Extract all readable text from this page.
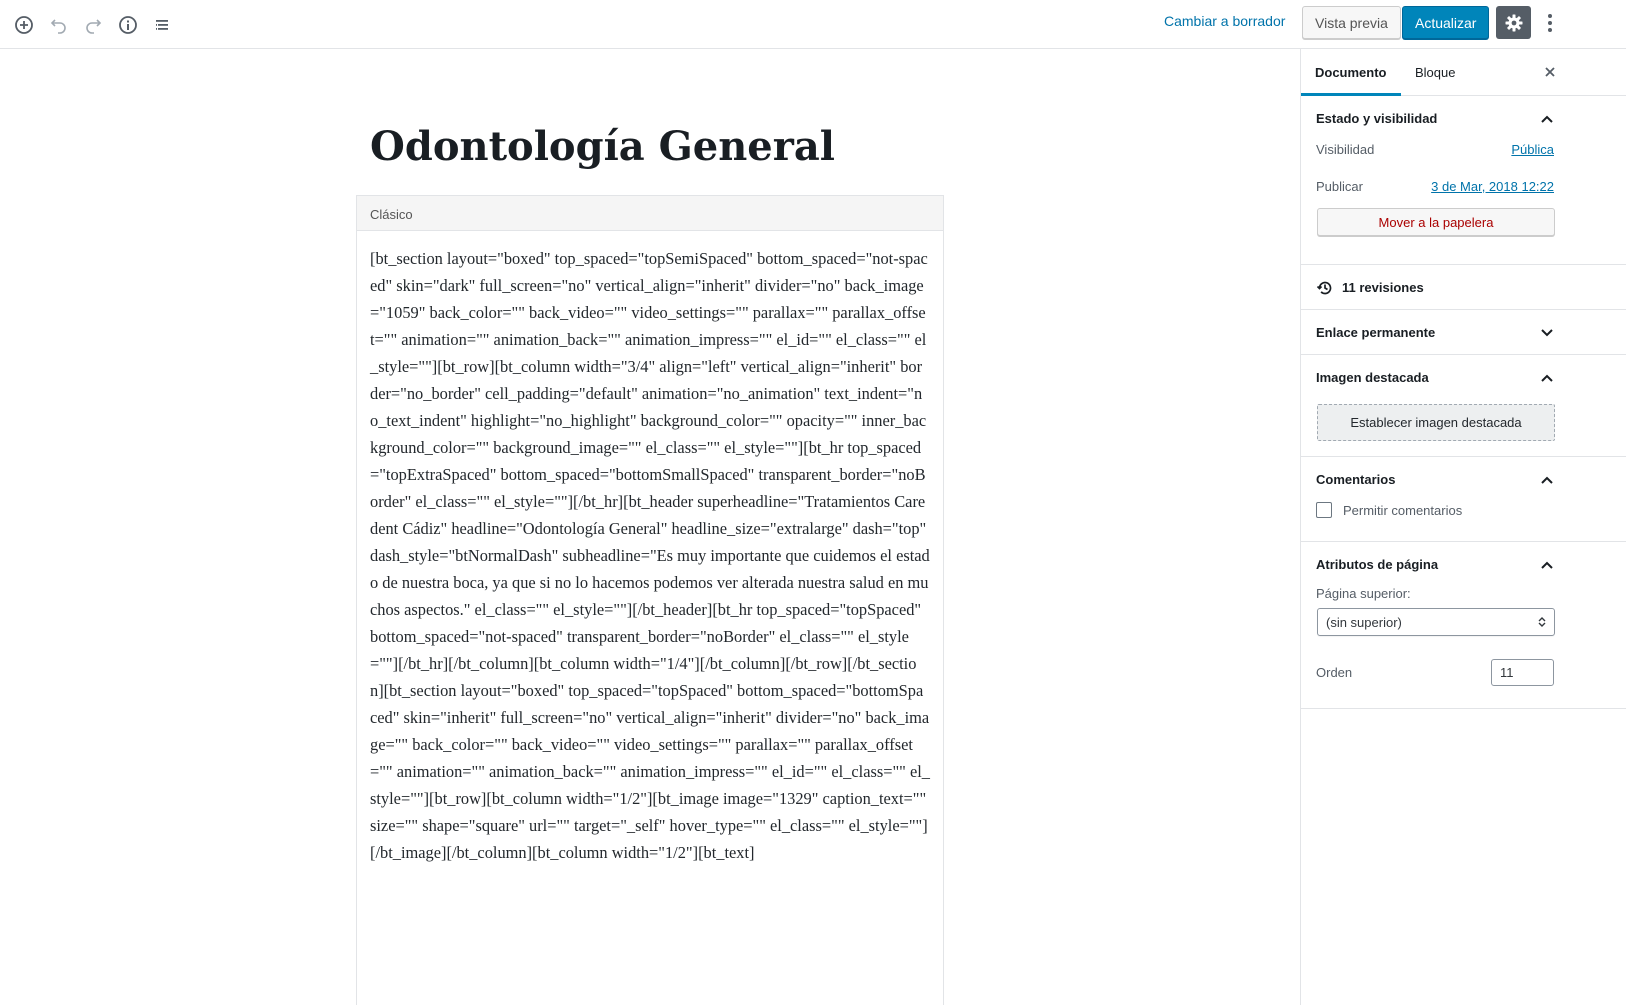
Cambiar a borrador	Vista previa	Actualizar
Odontología General
Clásico
[bt_section layout="boxed" top_spaced="topSemiSpaced" bottom_spaced="not-spaced" skin="dark" full_screen="no" vertical_align="inherit" divider="no" back_image="1059" back_color="" back_video="" video_settings="" parallax="" parallax_offset="" animation="" animation_back="" animation_impress="" el_id="" el_class="" el_style=""][bt_row][bt_column width="3/4" align="left" vertical_align="inherit" border="no_border" cell_padding="default" animation="no_animation" text_indent="no_text_indent" highlight="no_highlight" background_color="" opacity="" inner_background_color="" background_image="" el_class="" el_style=""][bt_hr top_spaced="topExtraSpaced" bottom_spaced="bottomSmallSpaced" transparent_border="noBorder" el_class="" el_style=""][/bt_hr][bt_header superheadline="Tratamientos Caredent Cádiz" headline="Odontología General" headline_size="extralarge" dash="top" dash_style="btNormalDash" subheadline="Es muy importante que cuidemos el estado de nuestra boca, ya que si no lo hacemos podemos ver alterada nuestra salud en muchos aspectos." el_class="" el_style=""][/bt_header][bt_hr top_spaced="topSpaced" bottom_spaced="not-spaced" transparent_border="noBorder" el_class="" el_style=""][/bt_hr][/bt_column][bt_column width="1/4"][/bt_column][/bt_row][/bt_section][bt_section layout="boxed" top_spaced="topSpaced" bottom_spaced="bottomSpaced" skin="inherit" full_screen="no" vertical_align="inherit" divider="no" back_image="" back_color="" back_video="" video_settings="" parallax="" parallax_offset="" animation="" animation_back="" animation_impress="" el_id="" el_class="" el_style=""][bt_row][bt_column width="1/2"][bt_image image="1329" caption_text="" size="" shape="square" url="" target="_self" hover_type="" el_class="" el_style=""][/bt_image][/bt_column][bt_column width="1/2"][bt_text]
Documento	Bloque
Estado y visibilidad
Visibilidad	Pública
Publicar	3 de Mar, 2018 12:22
Mover a la papelera
11 revisiones
Enlace permanente
Imagen destacada
Establecer imagen destacada
Comentarios
Permitir comentarios
Atributos de página
Página superior:
(sin superior)
Orden	11
